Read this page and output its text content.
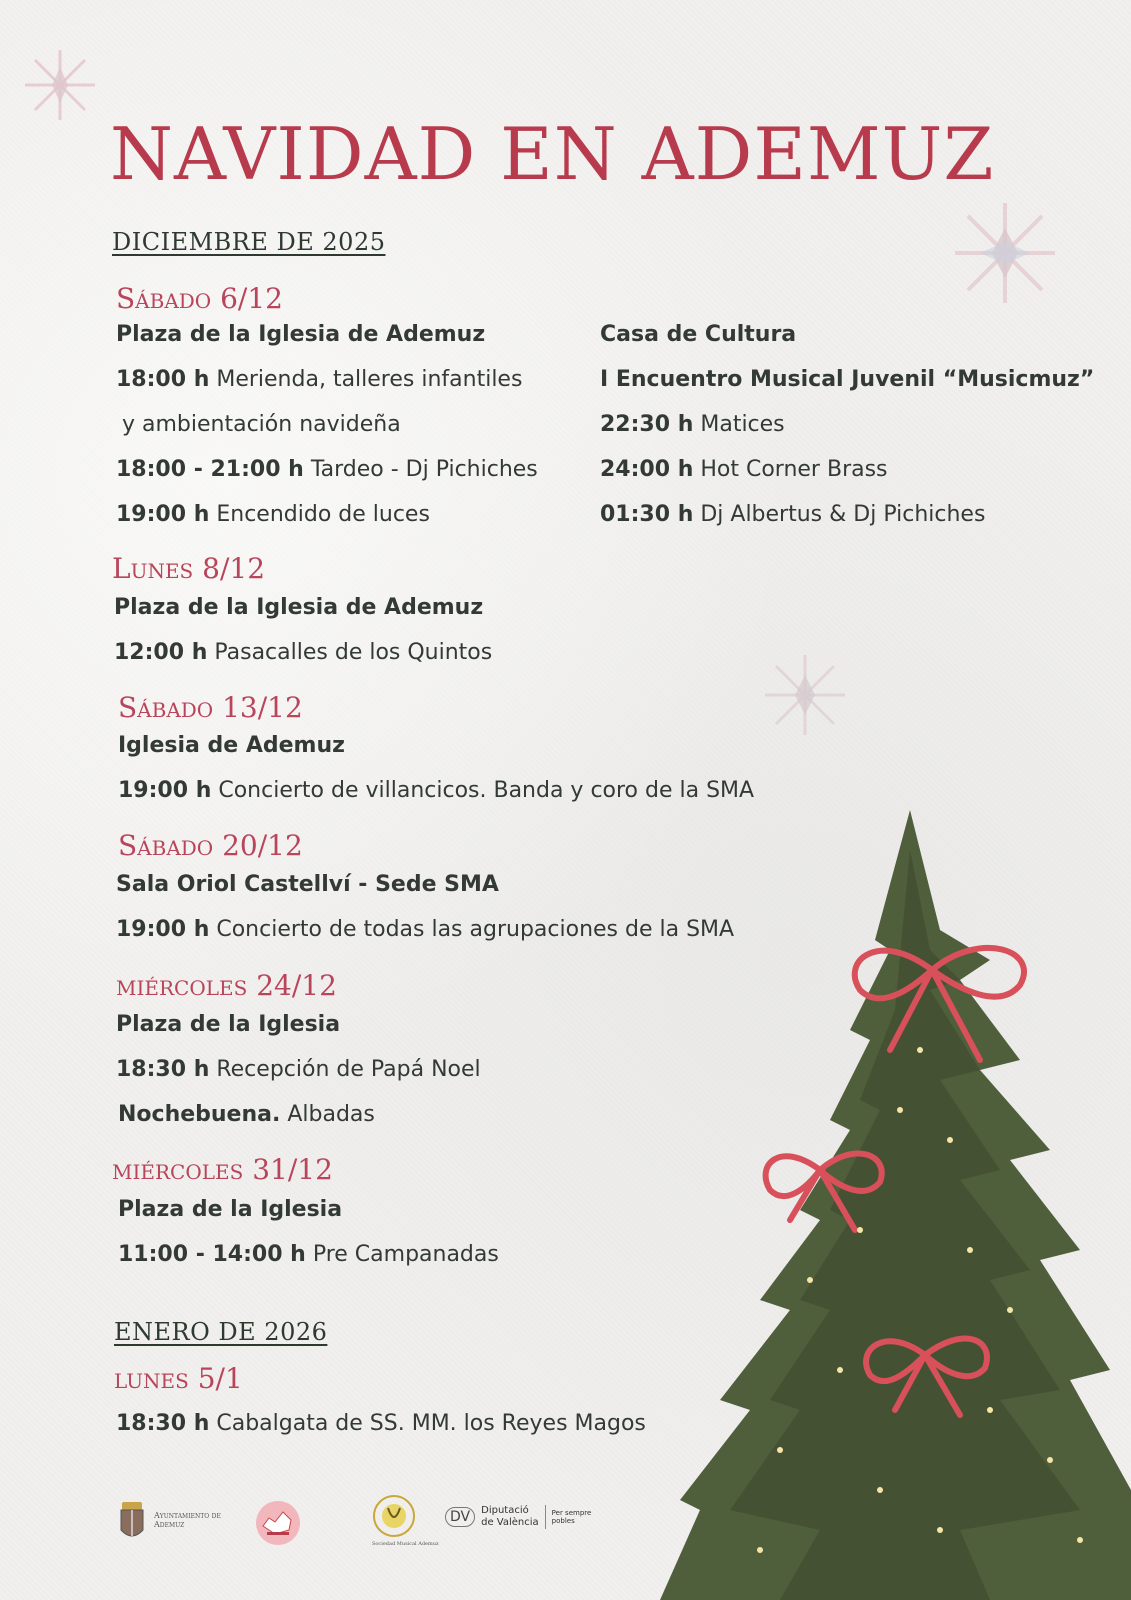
NAVIDAD EN ADEMUZ
DICIEMBRE DE 2025
Sábado 6/12
Plaza de la Iglesia de Ademuz
18:00 h Merienda, talleres infantiles
y ambientación navideña
18:00 - 21:00 h Tardeo - Dj Pichiches
19:00 h Encendido de luces
Casa de Cultura
I Encuentro Musical Juvenil “Musicmuz”
22:30 h Matices
24:00 h Hot Corner Brass
01:30 h Dj Albertus & Dj Pichiches
Lunes 8/12
Plaza de la Iglesia de Ademuz
12:00 h Pasacalles de los Quintos
Sábado 13/12
Iglesia de Ademuz
19:00 h Concierto de villancicos. Banda y coro de la SMA
Sábado 20/12
Sala Oriol Castellví - Sede SMA
19:00 h Concierto de todas las agrupaciones de la SMA
miércoles 24/12
Plaza de la Iglesia
18:30 h Recepción de Papá Noel
Nochebuena. Albadas
miércoles 31/12
Plaza de la Iglesia
11:00 - 14:00 h Pre Campanadas
ENERO DE 2026
lunes 5/1
18:30 h Cabalgata de SS. MM. los Reyes Magos
Ayuntamiento de Ademuz
Sociedad Musical Ademuz
DV	Diputació
de València
Per sempre
pobles
